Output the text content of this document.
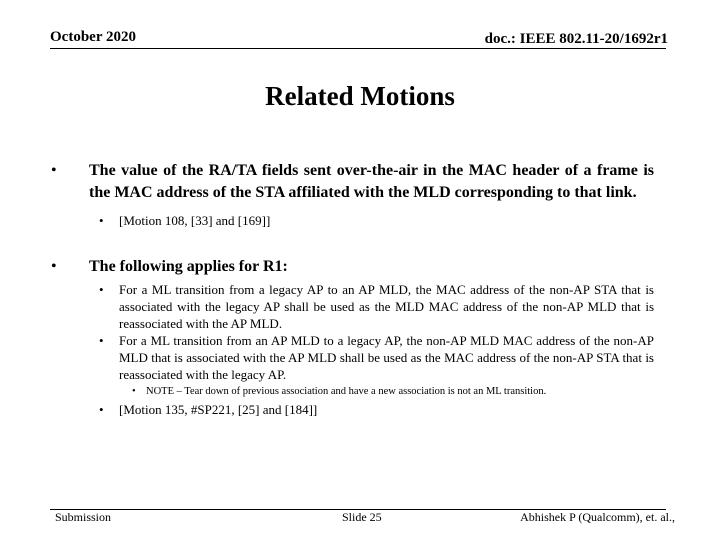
October 2020	doc.: IEEE 802.11-20/1692r1
Related Motions
• The value of the RA/TA fields sent over-the-air in the MAC header of a frame is the MAC address of the STA affiliated with the MLD corresponding to that link.
• [Motion 108, [33] and [169]]
• The following applies for R1:
• For a ML transition from a legacy AP to an AP MLD, the MAC address of the non-AP STA that is associated with the legacy AP shall be used as the MLD MAC address of the non-AP MLD that is reassociated with the AP MLD.
• For a ML transition from an AP MLD to a legacy AP, the non-AP MLD MAC address of the non-AP MLD that is associated with the AP MLD shall be used as the MAC address of the non-AP STA that is reassociated with the legacy AP.
• NOTE – Tear down of previous association and have a new association is not an ML transition.
• [Motion 135, #SP221, [25] and [184]]
Submission	Slide 25	Abhishek P (Qualcomm), et. al.,
